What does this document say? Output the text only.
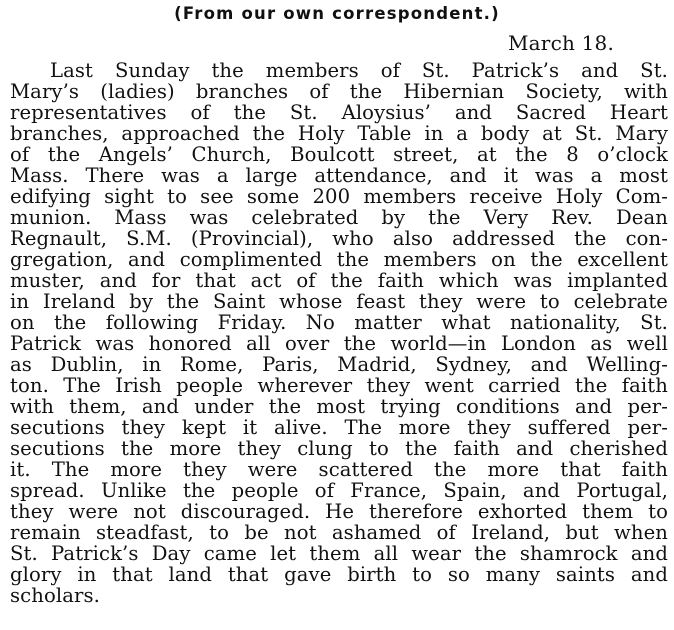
(From our own correspondent.)
March 18.
Last Sunday the members of St. Patrick’s and St.
Mary’s (ladies) branches of the Hibernian Society, with
representatives of the St. Aloysius’ and Sacred Heart
branches, approached the Holy Table in a body at St. Mary
of the Angels’ Church, Boulcott street, at the 8 o’clock
Mass. There was a large attendance, and it was a most
edifying sight to see some 200 members receive Holy Com-
munion. Mass was celebrated by the Very Rev. Dean
Regnault, S.M. (Provincial), who also addressed the con-
gregation, and complimented the members on the excellent
muster, and for that act of the faith which was implanted
in Ireland by the Saint whose feast they were to celebrate
on the following Friday. No matter what nationality, St.
Patrick was honored all over the world—in London as well
as Dublin, in Rome, Paris, Madrid, Sydney, and Welling-
ton. The Irish people wherever they went carried the faith
with them, and under the most trying conditions and per-
secutions they kept it alive. The more they suffered per-
secutions the more they clung to the faith and cherished
it. The more they were scattered the more that faith
spread. Unlike the people of France, Spain, and Portugal,
they were not discouraged. He therefore exhorted them to
remain steadfast, to be not ashamed of Ireland, but when
St. Patrick’s Day came let them all wear the shamrock and
glory in that land that gave birth to so many saints and
scholars.
